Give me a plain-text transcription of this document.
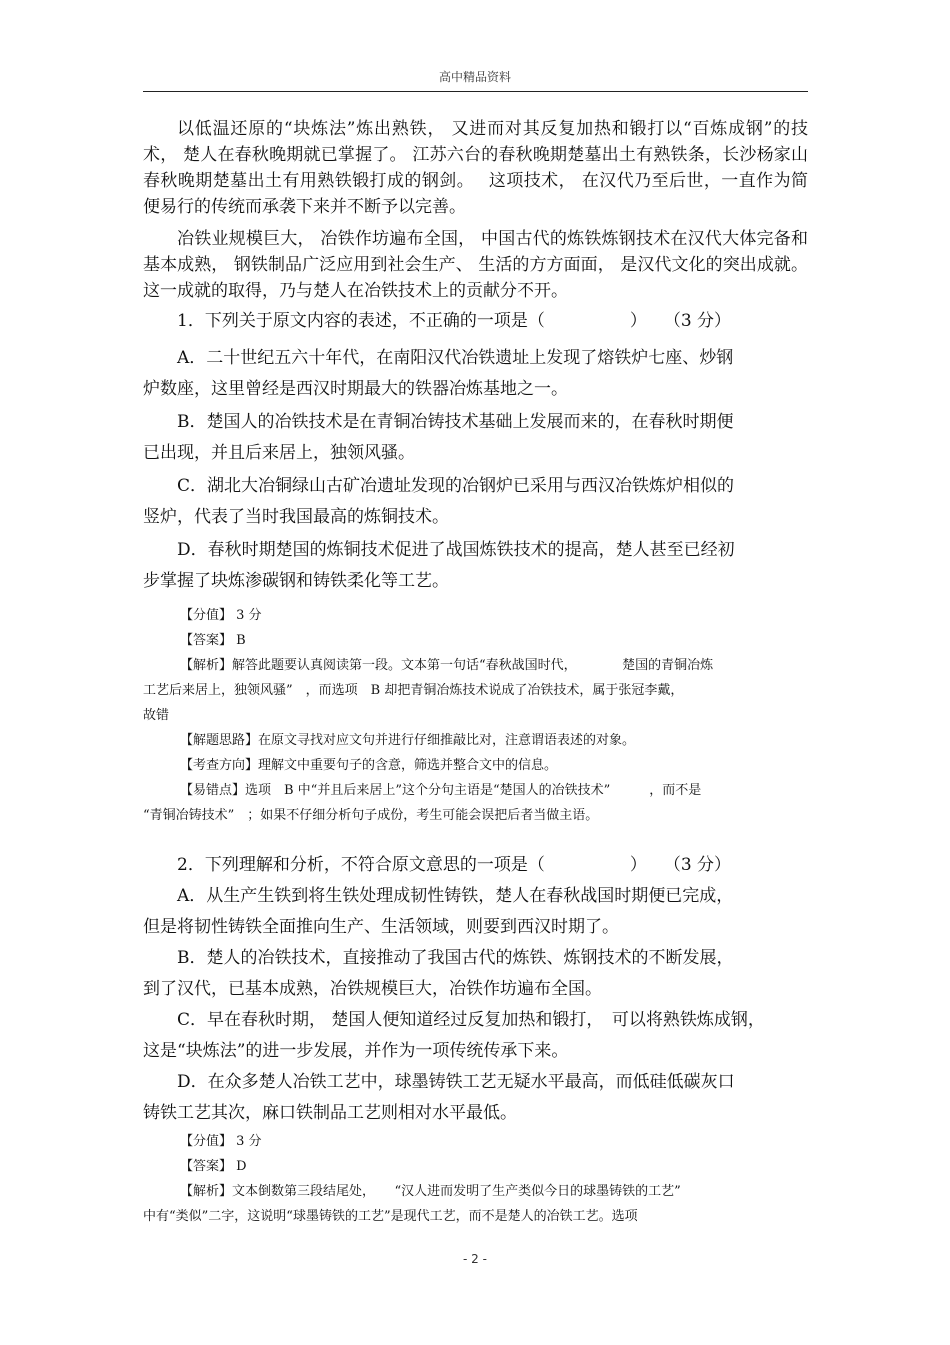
高中精品资料

以低温还原的“块炼法”炼出熟铁， 又进而对其反复加热和锻打以“百炼成钢”的技术， 楚人在春秋晚期就已掌握了。 江苏六台的春秋晚期楚墓出土有熟铁条，长沙杨家山春秋晚期楚墓出土有用熟铁锻打成的钢剑。　 这项技术， 在汉代乃至后世，一直作为简便易行的传统而承袭下来并不断予以完善。

冶铁业规模巨大， 冶铁作坊遍布全国， 中国古代的炼铁炼钢技术在汉代大体完备和基本成熟， 钢铁制品广泛应用到社会生产、 生活的方方面面， 是汉代文化的突出成就。这一成就的取得，乃与楚人在冶铁技术上的贡献分不开。

1．下列关于原文内容的表述，不正确的一项是（　　　　　）　　（3 分）

A．二十世纪五六十年代，在南阳汉代冶铁遗址上发现了熔铁炉七座、炒钢

炉数座，这里曾经是西汉时期最大的铁器冶炼基地之一。

B．楚国人的冶铁技术是在青铜冶铸技术基础上发展而来的，在春秋时期便

已出现，并且后来居上，独领风骚。

C．湖北大冶铜绿山古矿冶遗址发现的冶钢炉已采用与西汉冶铁炼炉相似的

竖炉，代表了当时我国最高的炼铜技术。

D．春秋时期楚国的炼铜技术促进了战国炼铁技术的提高，楚人甚至已经初

步掌握了块炼渗碳钢和铸铁柔化等工艺。

【分值】 3 分

【答案】 B

【解析】解答此题要认真阅读第一段。文本第一句话“春秋战国时代，　　　　楚国的青铜冶炼

工艺后来居上，独领风骚”　，而选项　B 却把青铜冶炼技术说成了冶铁技术，属于张冠李戴，

故错

【解题思路】在原文寻找对应文句并进行仔细推敲比对，注意谓语表述的对象。

【考查方向】理解文中重要句子的含意，筛选并整合文中的信息。

【易错点】选项　B 中“并且后来居上”这个分句主语是“楚国人的冶铁技术”　　　，而不是

“青铜冶铸技术”　；如果不仔细分析句子成份，考生可能会误把后者当做主语。

2．下列理解和分析，不符合原文意思的一项是（　　　　　）　　（3 分）

A．从生产生铁到将生铁处理成韧性铸铁，楚人在春秋战国时期便已完成，

但是将韧性铸铁全面推向生产、生活领域，则要到西汉时期了。

B．楚人的冶铁技术，直接推动了我国古代的炼铁、炼钢技术的不断发展，

到了汉代，已基本成熟，冶铁规模巨大，冶铁作坊遍布全国。

C．早在春秋时期， 楚国人便知道经过反复加热和锻打，　可以将熟铁炼成钢，

这是“块炼法”的进一步发展，并作为一项传统传承下来。

D．在众多楚人冶铁工艺中，球墨铸铁工艺无疑水平最高，而低硅低碳灰口

铸铁工艺其次，麻口铁制品工艺则相对水平最低。

【分值】 3 分

【答案】 D

【解析】文本倒数第三段结尾处，　　“汉人进而发明了生产类似今日的球墨铸铁的工艺”

中有“类似”二字，这说明“球墨铸铁的工艺”是现代工艺，而不是楚人的冶铁工艺。选项

- 2 -
